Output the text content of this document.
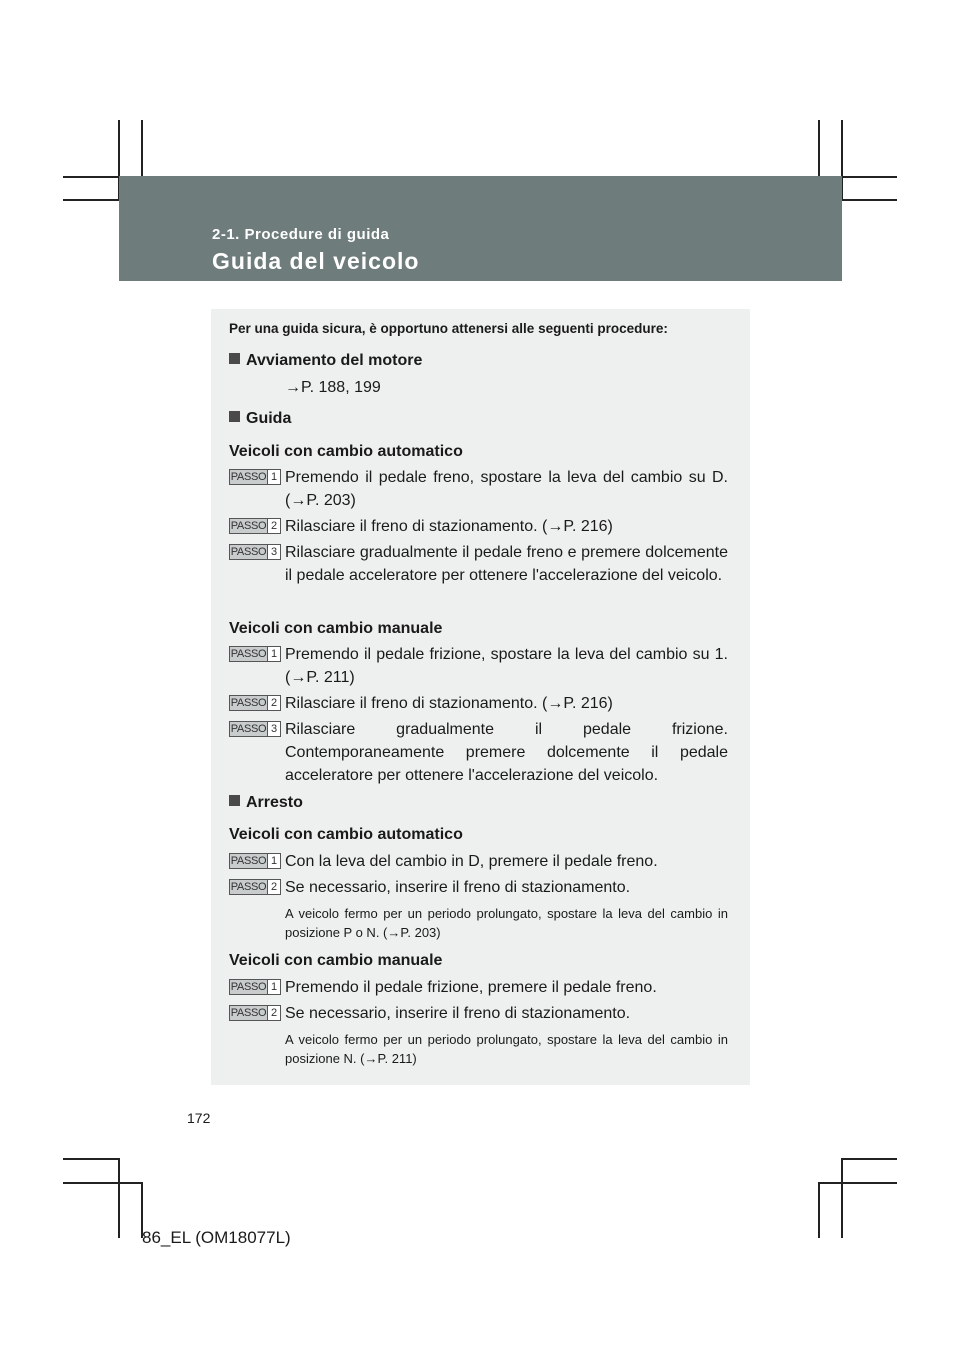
2-1. Procedure di guida
Guida del veicolo
Per una guida sicura, è opportuno attenersi alle seguenti procedure:
Avviamento del motore
→P. 188, 199
Guida
Veicoli con cambio automatico
PASSO 1 Premendo il pedale freno, spostare la leva del cambio su D. (→P. 203)
PASSO 2 Rilasciare il freno di stazionamento. (→P. 216)
PASSO 3 Rilasciare gradualmente il pedale freno e premere dolcemente il pedale acceleratore per ottenere l'accelerazione del veicolo.
Veicoli con cambio manuale
PASSO 1 Premendo il pedale frizione, spostare la leva del cambio su 1. (→P. 211)
PASSO 2 Rilasciare il freno di stazionamento. (→P. 216)
PASSO 3 Rilasciare gradualmente il pedale frizione. Contemporaneamente premere dolcemente il pedale acceleratore per ottenere l'accelerazione del veicolo.
Arresto
Veicoli con cambio automatico
PASSO 1 Con la leva del cambio in D, premere il pedale freno.
PASSO 2 Se necessario, inserire il freno di stazionamento.
A veicolo fermo per un periodo prolungato, spostare la leva del cambio in posizione P o N. (→P. 203)
Veicoli con cambio manuale
PASSO 1 Premendo il pedale frizione, premere il pedale freno.
PASSO 2 Se necessario, inserire il freno di stazionamento.
A veicolo fermo per un periodo prolungato, spostare la leva del cambio in posizione N. (→P. 211)
172
86_EL (OM18077L)
